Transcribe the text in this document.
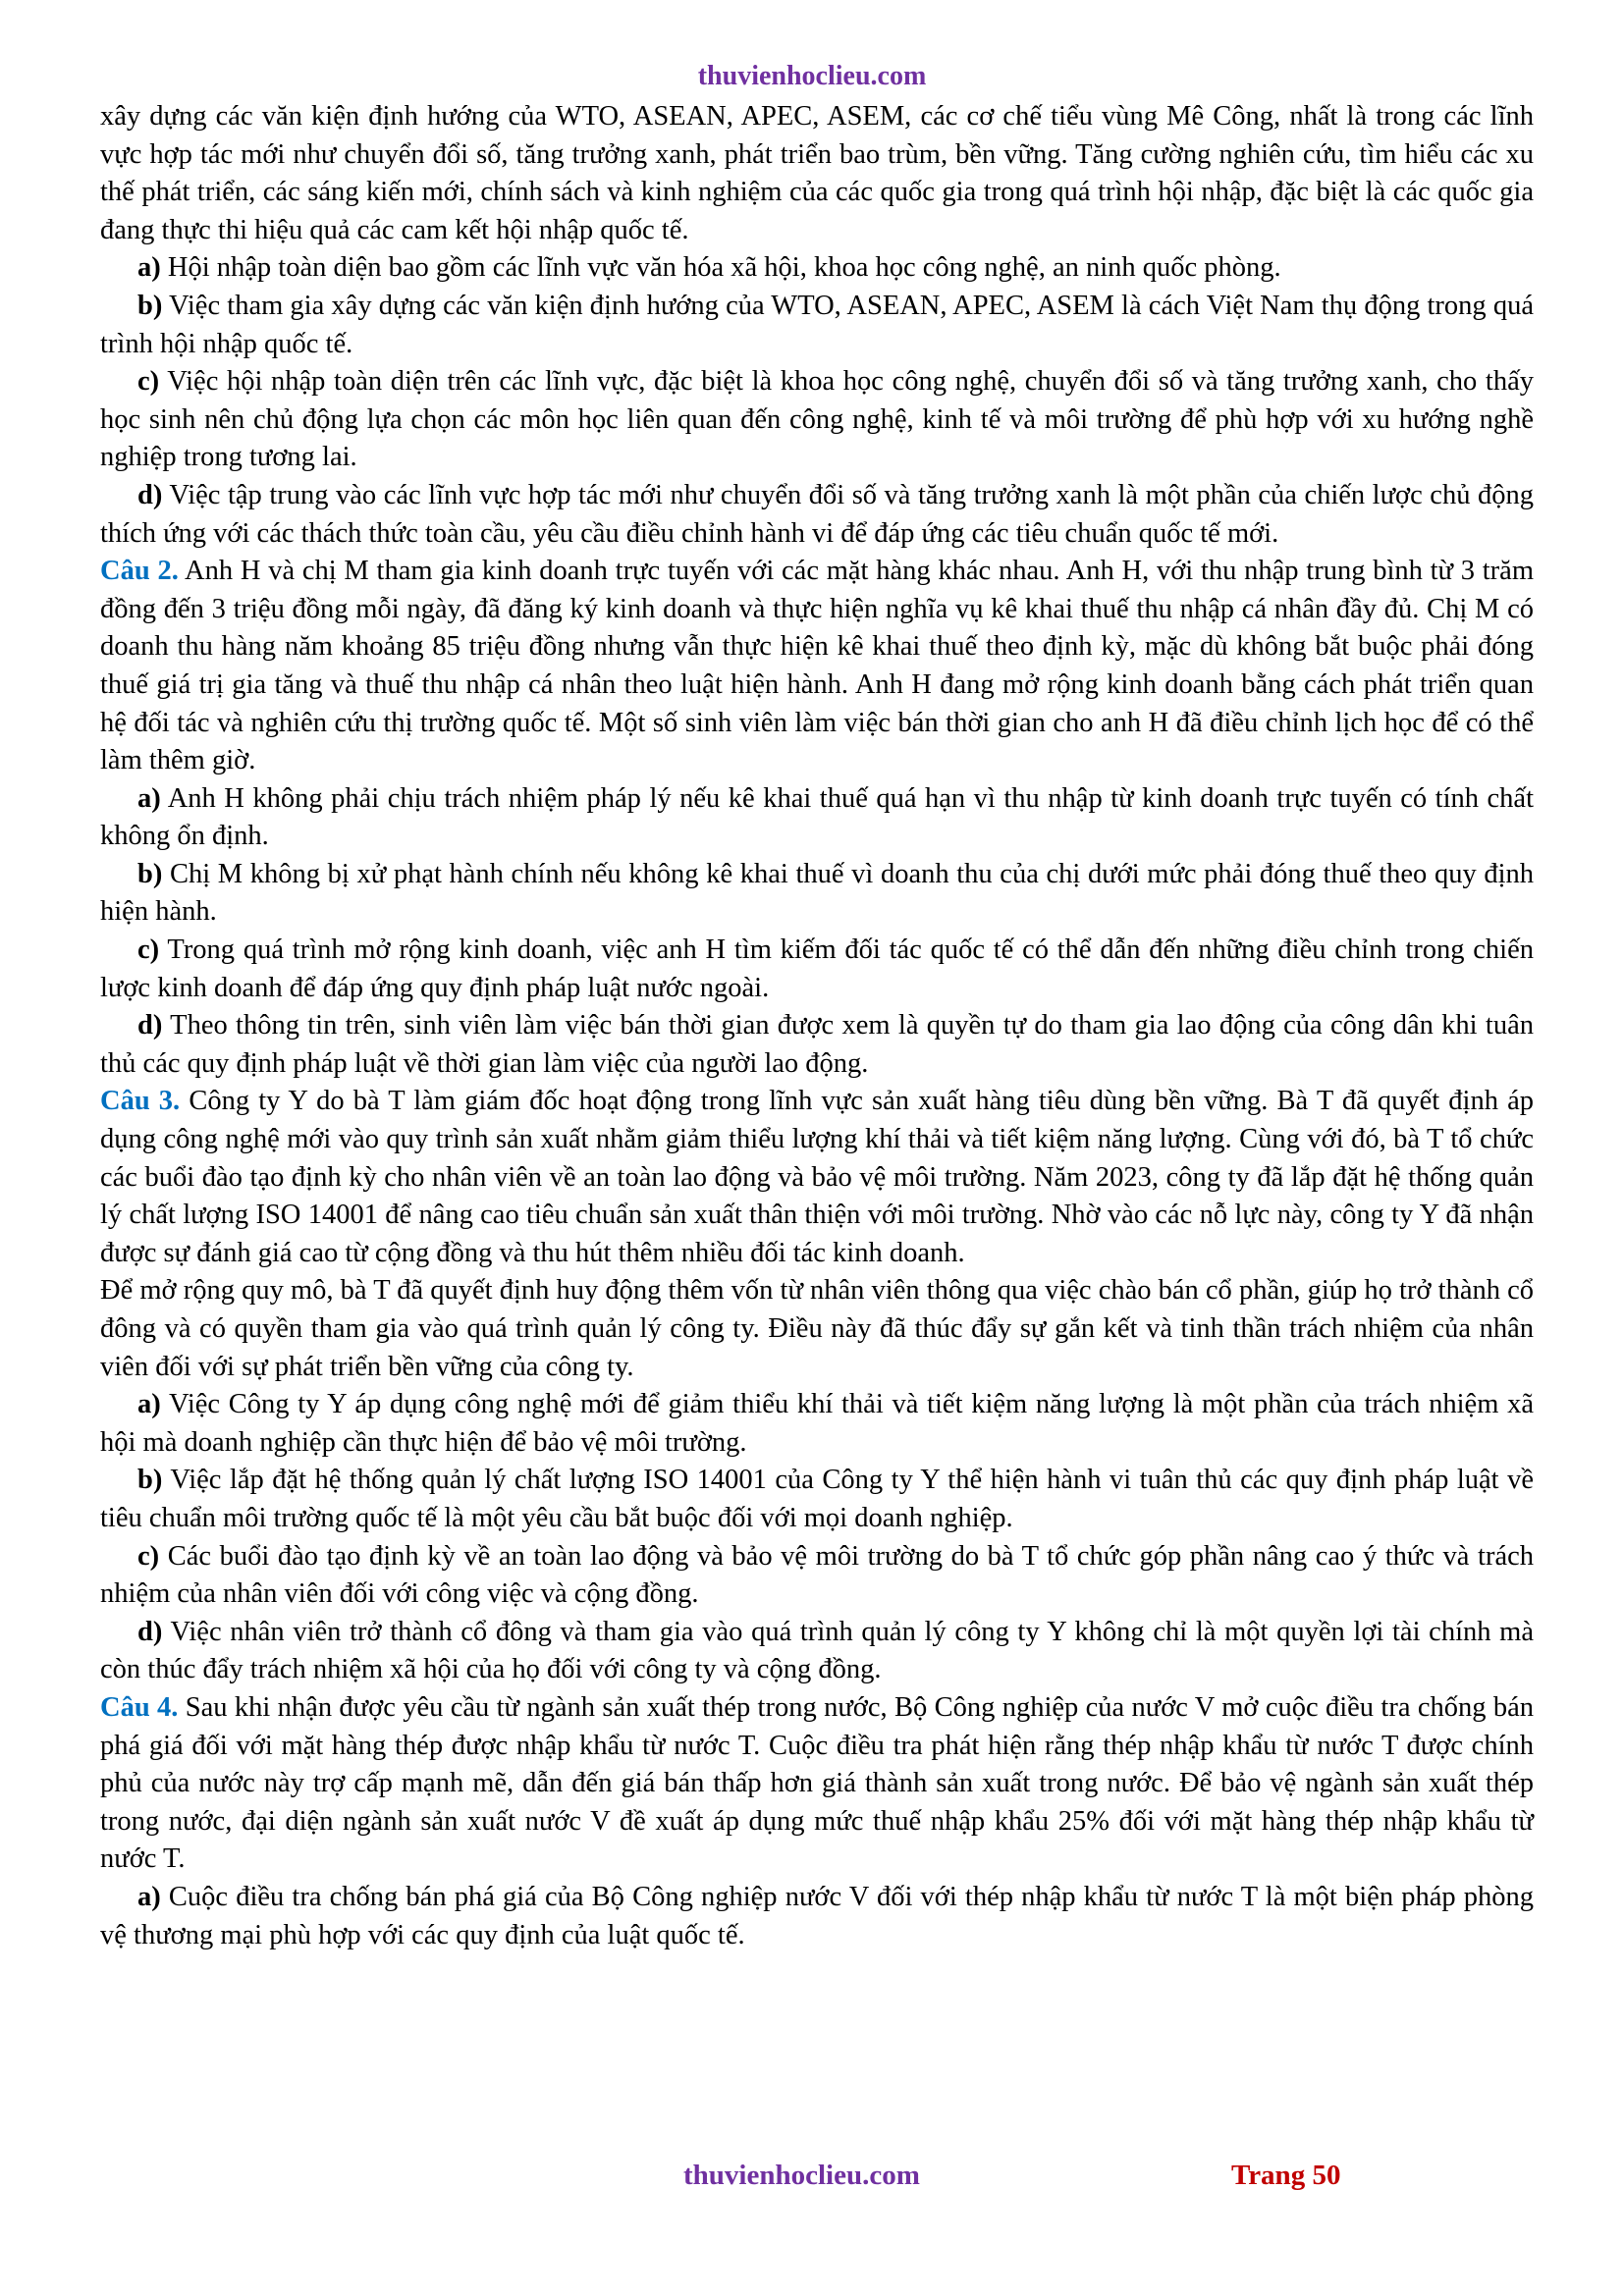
thuvienhoclieu.com

xây dựng các văn kiện định hướng của WTO, ASEAN, APEC, ASEM, các cơ chế tiểu vùng Mê Công, nhất là trong các lĩnh vực hợp tác mới như chuyển đổi số, tăng trưởng xanh, phát triển bao trùm, bền vững. Tăng cường nghiên cứu, tìm hiểu các xu thế phát triển, các sáng kiến mới, chính sách và kinh nghiệm của các quốc gia trong quá trình hội nhập, đặc biệt là các quốc gia đang thực thi hiệu quả các cam kết hội nhập quốc tế.

a) Hội nhập toàn diện bao gồm các lĩnh vực văn hóa xã hội, khoa học công nghệ, an ninh quốc phòng.

b) Việc tham gia xây dựng các văn kiện định hướng của WTO, ASEAN, APEC, ASEM là cách Việt Nam thụ động trong quá trình hội nhập quốc tế.

c) Việc hội nhập toàn diện trên các lĩnh vực, đặc biệt là khoa học công nghệ, chuyển đổi số và tăng trưởng xanh, cho thấy học sinh nên chủ động lựa chọn các môn học liên quan đến công nghệ, kinh tế và môi trường để phù hợp với xu hướng nghề nghiệp trong tương lai.

d) Việc tập trung vào các lĩnh vực hợp tác mới như chuyển đổi số và tăng trưởng xanh là một phần của chiến lược chủ động thích ứng với các thách thức toàn cầu, yêu cầu điều chỉnh hành vi để đáp ứng các tiêu chuẩn quốc tế mới.

Câu 2. Anh H và chị M tham gia kinh doanh trực tuyến với các mặt hàng khác nhau. Anh H, với thu nhập trung bình từ 3 trăm đồng đến 3 triệu đồng mỗi ngày, đã đăng ký kinh doanh và thực hiện nghĩa vụ kê khai thuế thu nhập cá nhân đầy đủ. Chị M có doanh thu hàng năm khoảng 85 triệu đồng nhưng vẫn thực hiện kê khai thuế theo định kỳ, mặc dù không bắt buộc phải đóng thuế giá trị gia tăng và thuế thu nhập cá nhân theo luật hiện hành. Anh H đang mở rộng kinh doanh bằng cách phát triển quan hệ đối tác và nghiên cứu thị trường quốc tế. Một số sinh viên làm việc bán thời gian cho anh H đã điều chỉnh lịch học để có thể làm thêm giờ.

a) Anh H không phải chịu trách nhiệm pháp lý nếu kê khai thuế quá hạn vì thu nhập từ kinh doanh trực tuyến có tính chất không ổn định.

b) Chị M không bị xử phạt hành chính nếu không kê khai thuế vì doanh thu của chị dưới mức phải đóng thuế theo quy định hiện hành.

c) Trong quá trình mở rộng kinh doanh, việc anh H tìm kiếm đối tác quốc tế có thể dẫn đến những điều chỉnh trong chiến lược kinh doanh để đáp ứng quy định pháp luật nước ngoài.

d) Theo thông tin trên, sinh viên làm việc bán thời gian được xem là quyền tự do tham gia lao động của công dân khi tuân thủ các quy định pháp luật về thời gian làm việc của người lao động.

Câu 3. Công ty Y do bà T làm giám đốc hoạt động trong lĩnh vực sản xuất hàng tiêu dùng bền vững. Bà T đã quyết định áp dụng công nghệ mới vào quy trình sản xuất nhằm giảm thiểu lượng khí thải và tiết kiệm năng lượng. Cùng với đó, bà T tổ chức các buổi đào tạo định kỳ cho nhân viên về an toàn lao động và bảo vệ môi trường. Năm 2023, công ty đã lắp đặt hệ thống quản lý chất lượng ISO 14001 để nâng cao tiêu chuẩn sản xuất thân thiện với môi trường. Nhờ vào các nỗ lực này, công ty Y đã nhận được sự đánh giá cao từ cộng đồng và thu hút thêm nhiều đối tác kinh doanh.

Để mở rộng quy mô, bà T đã quyết định huy động thêm vốn từ nhân viên thông qua việc chào bán cổ phần, giúp họ trở thành cổ đông và có quyền tham gia vào quá trình quản lý công ty. Điều này đã thúc đẩy sự gắn kết và tinh thần trách nhiệm của nhân viên đối với sự phát triển bền vững của công ty.

a) Việc Công ty Y áp dụng công nghệ mới để giảm thiểu khí thải và tiết kiệm năng lượng là một phần của trách nhiệm xã hội mà doanh nghiệp cần thực hiện để bảo vệ môi trường.

b) Việc lắp đặt hệ thống quản lý chất lượng ISO 14001 của Công ty Y thể hiện hành vi tuân thủ các quy định pháp luật về tiêu chuẩn môi trường quốc tế là một yêu cầu bắt buộc đối với mọi doanh nghiệp.

c) Các buổi đào tạo định kỳ về an toàn lao động và bảo vệ môi trường do bà T tổ chức góp phần nâng cao ý thức và trách nhiệm của nhân viên đối với công việc và cộng đồng.

d) Việc nhân viên trở thành cổ đông và tham gia vào quá trình quản lý công ty Y không chỉ là một quyền lợi tài chính mà còn thúc đẩy trách nhiệm xã hội của họ đối với công ty và cộng đồng.

Câu 4. Sau khi nhận được yêu cầu từ ngành sản xuất thép trong nước, Bộ Công nghiệp của nước V mở cuộc điều tra chống bán phá giá đối với mặt hàng thép được nhập khẩu từ nước T. Cuộc điều tra phát hiện rằng thép nhập khẩu từ nước T được chính phủ của nước này trợ cấp mạnh mẽ, dẫn đến giá bán thấp hơn giá thành sản xuất trong nước. Để bảo vệ ngành sản xuất thép trong nước, đại diện ngành sản xuất nước V đề xuất áp dụng mức thuế nhập khẩu 25% đối với mặt hàng thép nhập khẩu từ nước T.

a) Cuộc điều tra chống bán phá giá của Bộ Công nghiệp nước V đối với thép nhập khẩu từ nước T là một biện pháp phòng vệ thương mại phù hợp với các quy định của luật quốc tế.

thuvienhoclieu.com	Trang 50
